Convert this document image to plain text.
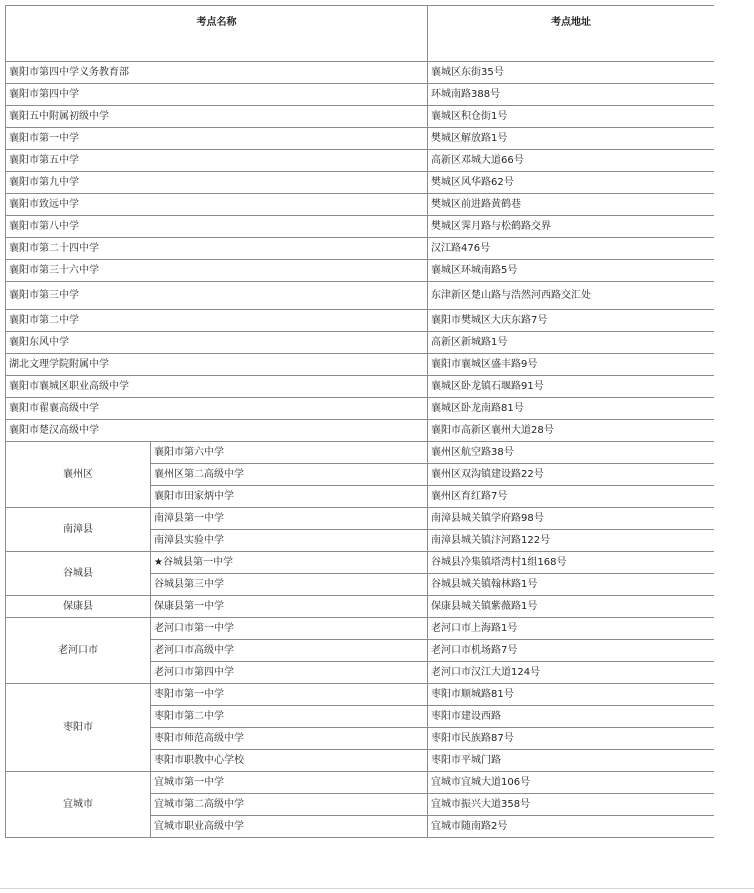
考点名称		考点地址
襄阳市第四中学义务教育部		襄城区东街35号
襄阳市第四中学		环城南路388号
襄阳五中附属初级中学		襄城区积仓街1号
襄阳市第一中学		樊城区解放路1号
襄阳市第五中学		高新区邓城大道66号
襄阳市第九中学		樊城区风华路62号
襄阳市致远中学		樊城区前进路黄鹤巷
襄阳市第八中学		樊城区霁月路与松鹤路交界
襄阳市第二十四中学		汉江路476号
襄阳市第三十六中学		襄城区环城南路5号
襄阳市第三中学		东津新区楚山路与浩然河西路交汇处
襄阳市第二中学		襄阳市樊城区大庆东路7号
襄阳东风中学		高新区新城路1号
湖北文理学院附属中学		襄阳市襄城区盛丰路9号
襄阳市襄城区职业高级中学		襄城区卧龙镇石堰路91号
襄阳市翟襄高级中学		襄城区卧龙南路81号
襄阳市楚汉高级中学		襄阳市高新区襄州大道28号
襄州区	襄阳市第六中学	襄州区航空路38号
	襄州区第二高级中学	襄州区双沟镇建设路22号
	襄阳市田家炳中学	襄州区育红路7号
南漳县	南漳县第一中学	南漳县城关镇学府路98号
	南漳县实验中学	南漳县城关镇汴河路122号
谷城县	★谷城县第一中学	谷城县冷集镇塔湾村1组168号
	谷城县第三中学	谷城县城关镇翰林路1号
保康县	保康县第一中学	保康县城关镇紫薇路1号
老河口市	老河口市第一中学	老河口市上海路1号
	老河口市高级中学	老河口市机场路7号
	老河口市第四中学	老河口市汉江大道124号
枣阳市	枣阳市第一中学	枣阳市顺城路81号
	枣阳市第二中学	枣阳市建设西路
	枣阳市师范高级中学	枣阳市民族路87号
	枣阳市职教中心学校	枣阳市平城门路
宜城市	宜城市第一中学	宜城市宜城大道106号
	宜城市第二高级中学	宜城市振兴大道358号
	宜城市职业高级中学	宜城市随南路2号
